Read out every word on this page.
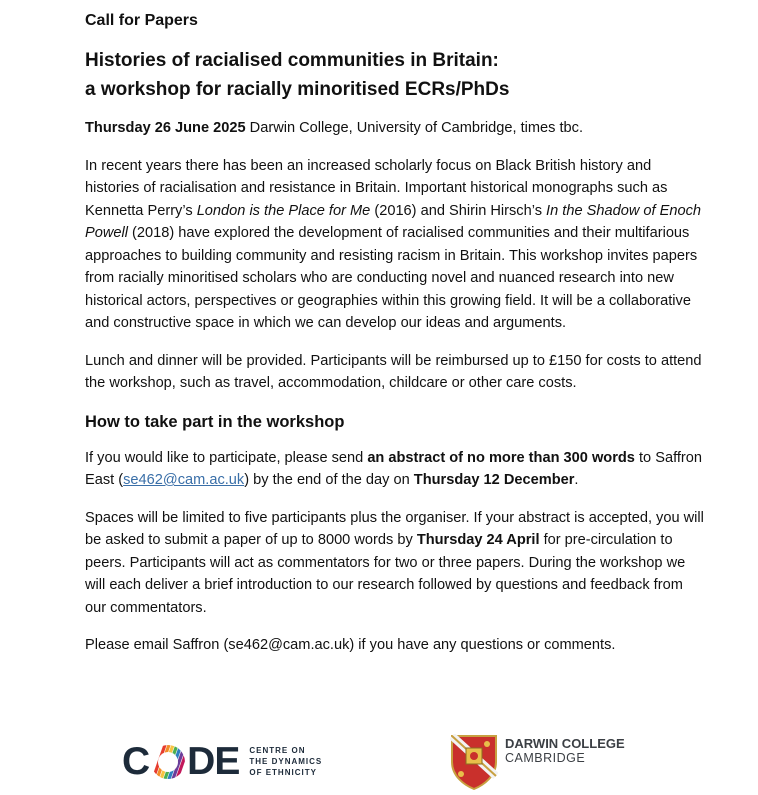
Call for Papers
Histories of racialised communities in Britain:
a workshop for racially minoritised ECRs/PhDs

Thursday 26 June 2025 Darwin College, University of Cambridge, times tbc.

In recent years there has been an increased scholarly focus on Black British history and histories of racialisation and resistance in Britain. Important historical monographs such as Kennetta Perry’s London is the Place for Me (2016) and Shirin Hirsch’s In the Shadow of Enoch Powell (2018) have explored the development of racialised communities and their multifarious approaches to building community and resisting racism in Britain. This workshop invites papers from racially minoritised scholars who are conducting novel and nuanced research into new historical actors, perspectives or geographies within this growing field. It will be a collaborative and constructive space in which we can develop our ideas and arguments.

Lunch and dinner will be provided. Participants will be reimbursed up to £150 for costs to attend the workshop, such as travel, accommodation, childcare or other care costs.

How to take part in the workshop

If you would like to participate, please send an abstract of no more than 300 words to Saffron East (se462@cam.ac.uk) by the end of the day on Thursday 12 December.

Spaces will be limited to five participants plus the organiser. If your abstract is accepted, you will be asked to submit a paper of up to 8000 words by Thursday 24 April for pre-circulation to peers. Participants will act as commentators for two or three papers. During the workshop we will each deliver a brief introduction to our research followed by questions and feedback from our commentators.

Please email Saffron (se462@cam.ac.uk) if you have any questions or comments.

C DE CENTRE ON
THE DYNAMICS
OF ETHNICITY
DARWIN COLLEGE
CAMBRIDGE
